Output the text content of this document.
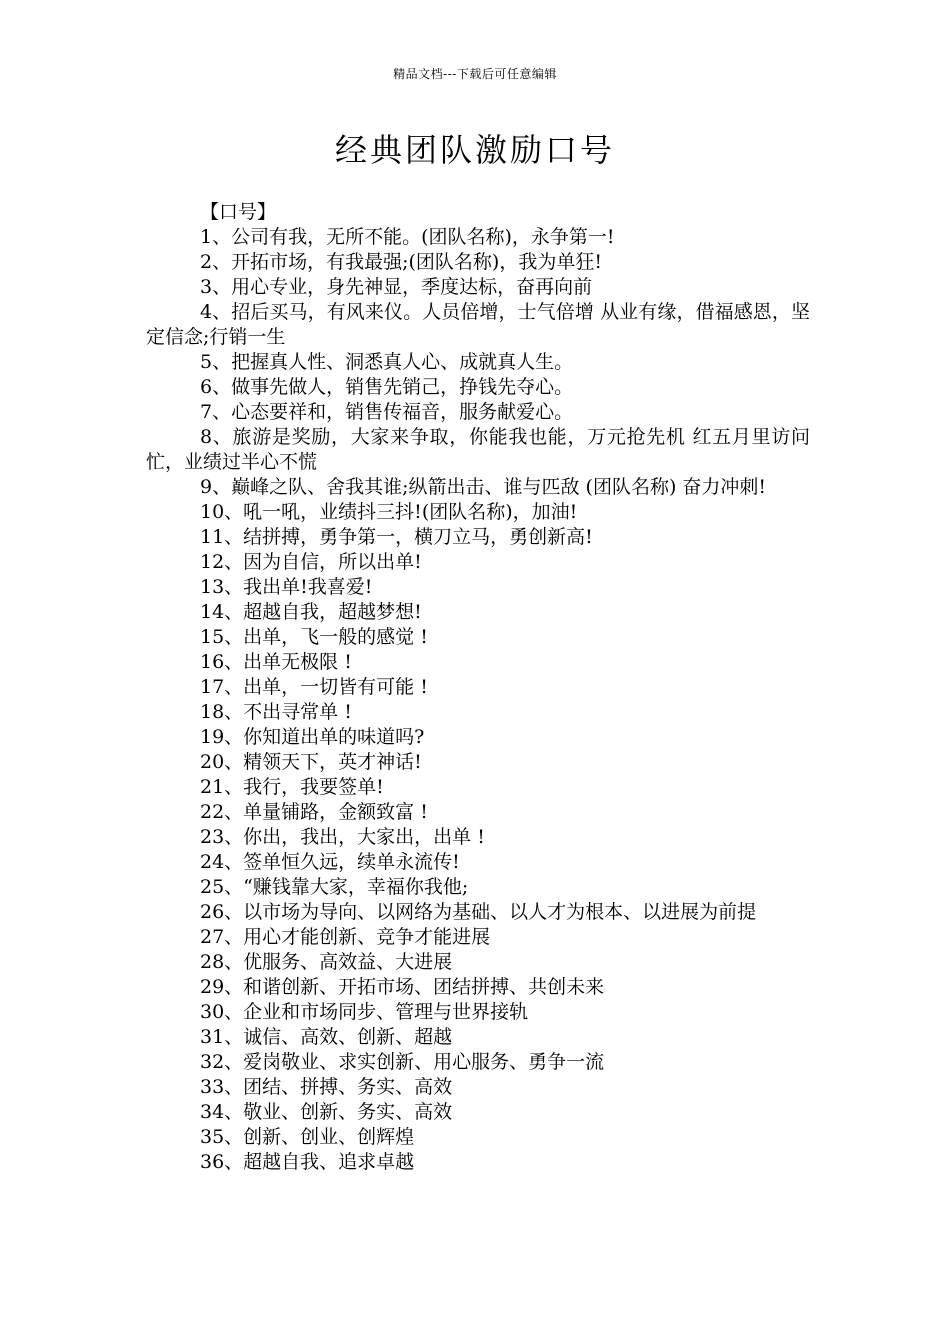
精品文档---下载后可任意编辑
经典团队激励口号

【口号】

1、公司有我，无所不能。(团队名称)，永争第一!
2、开拓市场，有我最强;(团队名称)，我为单狂!
3、用心专业，身先神显，季度达标，奋再向前
4、招后买马，有风来仪。人员倍增，士气倍增 从业有缘，借福感恩，坚定信念;行销一生
5、把握真人性、洞悉真人心、成就真人生。
6、做事先做人，销售先销己，挣钱先夺心。
7、心态要祥和，销售传福音，服务献爱心。
8、旅游是奖励，大家来争取，你能我也能，万元抢先机 红五月里访问忙，业绩过半心不慌
9、巅峰之队、舍我其谁;纵箭出击、谁与匹敌 (团队名称) 奋力冲刺!
10、吼一吼，业绩抖三抖!(团队名称)，加油!
11、结拼搏，勇争第一，横刀立马，勇创新高!
12、因为自信，所以出单!
13、我出单!我喜爱!
14、超越自我，超越梦想!
15、出单，飞一般的感觉 !
16、出单无极限 !
17、出单，一切皆有可能 !
18、不出寻常单 !
19、你知道出单的味道吗?
20、精领天下，英才神话!
21、我行，我要签单!
22、单量铺路，金额致富 !
23、你出，我出，大家出，出单 !
24、签单恒久远，续单永流传!
25、“赚钱靠大家，幸福你我他;
26、以市场为导向、以网络为基础、以人才为根本、以进展为前提
27、用心才能创新、竞争才能进展
28、优服务、高效益、大进展
29、和谐创新、开拓市场、团结拼搏、共创未来
30、企业和市场同步、管理与世界接轨
31、诚信、高效、创新、超越
32、爱岗敬业、求实创新、用心服务、勇争一流
33、团结、拼搏、务实、高效
34、敬业、创新、务实、高效
35、创新、创业、创辉煌
36、超越自我、追求卓越
